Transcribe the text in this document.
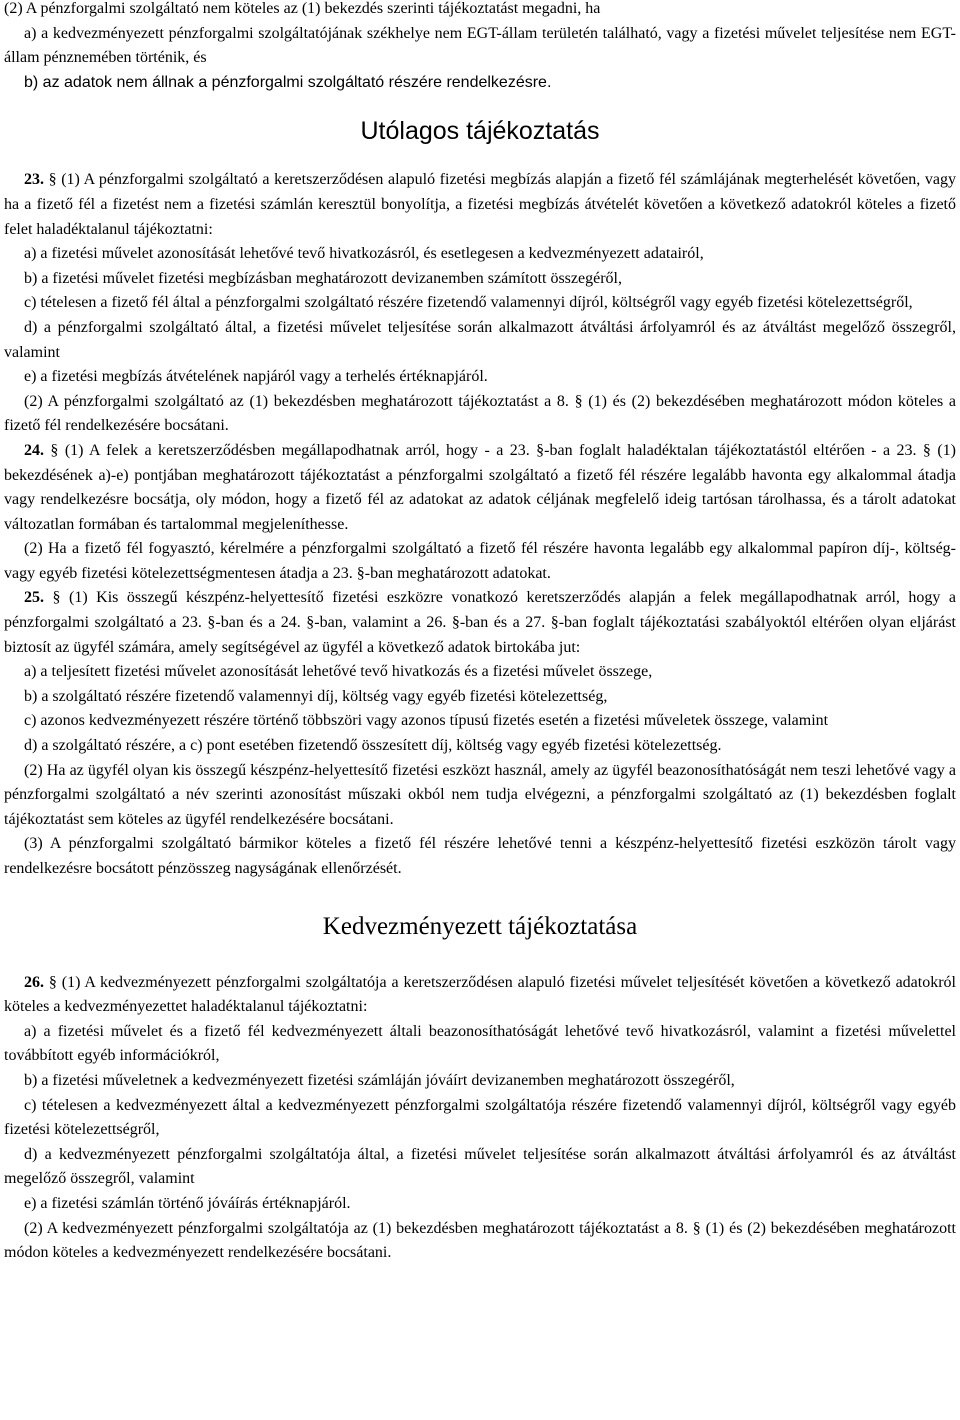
(2) A pénzforgalmi szolgáltató nem köteles az (1) bekezdés szerinti tájékoztatást megadni, ha

a) a kedvezményezett pénzforgalmi szolgáltatójának székhelye nem EGT-állam területén található, vagy a fizetési művelet teljesítése nem EGT-állam pénznemében történik, és

b) az adatok nem állnak a pénzforgalmi szolgáltató részére rendelkezésre.

Utólagos tájékoztatás

23. § (1) A pénzforgalmi szolgáltató a keretszerződésen alapuló fizetési megbízás alapján a fizető fél számlájának megterhelését követően, vagy ha a fizető fél a fizetést nem a fizetési számlán keresztül bonyolítja, a fizetési megbízás átvételét követően a következő adatokról köteles a fizető felet haladéktalanul tájékoztatni:

a) a fizetési művelet azonosítását lehetővé tevő hivatkozásról, és esetlegesen a kedvezményezett adatairól,

b) a fizetési művelet fizetési megbízásban meghatározott devizanemben számított összegéről,

c) tételesen a fizető fél által a pénzforgalmi szolgáltató részére fizetendő valamennyi díjról, költségről vagy egyéb fizetési kötelezettségről,

d) a pénzforgalmi szolgáltató által, a fizetési művelet teljesítése során alkalmazott átváltási árfolyamról és az átváltást megelőző összegről, valamint

e) a fizetési megbízás átvételének napjáról vagy a terhelés értéknapjáról.

(2) A pénzforgalmi szolgáltató az (1) bekezdésben meghatározott tájékoztatást a 8. § (1) és (2) bekezdésében meghatározott módon köteles a fizető fél rendelkezésére bocsátani.

24. § (1) A felek a keretszerződésben megállapodhatnak arról, hogy - a 23. §-ban foglalt haladéktalan tájékoztatástól eltérően - a 23. § (1) bekezdésének a)-e) pontjában meghatározott tájékoztatást a pénzforgalmi szolgáltató a fizető fél részére legalább havonta egy alkalommal átadja vagy rendelkezésre bocsátja, oly módon, hogy a fizető fél az adatokat az adatok céljának megfelelő ideig tartósan tárolhassa, és a tárolt adatokat változatlan formában és tartalommal megjeleníthesse.

(2) Ha a fizető fél fogyasztó, kérelmére a pénzforgalmi szolgáltató a fizető fél részére havonta legalább egy alkalommal papíron díj-, költség- vagy egyéb fizetési kötelezettségmentesen átadja a 23. §-ban meghatározott adatokat.

25. § (1) Kis összegű készpénz-helyettesítő fizetési eszközre vonatkozó keretszerződés alapján a felek megállapodhatnak arról, hogy a pénzforgalmi szolgáltató a 23. §-ban és a 24. §-ban, valamint a 26. §-ban és a 27. §-ban foglalt tájékoztatási szabályoktól eltérően olyan eljárást biztosít az ügyfél számára, amely segítségével az ügyfél a következő adatok birtokába jut:

a) a teljesített fizetési művelet azonosítását lehetővé tevő hivatkozás és a fizetési művelet összege,

b) a szolgáltató részére fizetendő valamennyi díj, költség vagy egyéb fizetési kötelezettség,

c) azonos kedvezményezett részére történő többszöri vagy azonos típusú fizetés esetén a fizetési műveletek összege, valamint

d) a szolgáltató részére, a c) pont esetében fizetendő összesített díj, költség vagy egyéb fizetési kötelezettség.

(2) Ha az ügyfél olyan kis összegű készpénz-helyettesítő fizetési eszközt használ, amely az ügyfél beazonosíthatóságát nem teszi lehetővé vagy a pénzforgalmi szolgáltató a név szerinti azonosítást műszaki okból nem tudja elvégezni, a pénzforgalmi szolgáltató az (1) bekezdésben foglalt tájékoztatást sem köteles az ügyfél rendelkezésére bocsátani.

(3) A pénzforgalmi szolgáltató bármikor köteles a fizető fél részére lehetővé tenni a készpénz-helyettesítő fizetési eszközön tárolt vagy rendelkezésre bocsátott pénzösszeg nagyságának ellenőrzését.

Kedvezményezett tájékoztatása

26. § (1) A kedvezményezett pénzforgalmi szolgáltatója a keretszerződésen alapuló fizetési művelet teljesítését követően a következő adatokról köteles a kedvezményezettet haladéktalanul tájékoztatni:

a) a fizetési művelet és a fizető fél kedvezményezett általi beazonosíthatóságát lehetővé tevő hivatkozásról, valamint a fizetési művelettel továbbított egyéb információkról,

b) a fizetési műveletnek a kedvezményezett fizetési számláján jóváírt devizanemben meghatározott összegéről,

c) tételesen a kedvezményezett által a kedvezményezett pénzforgalmi szolgáltatója részére fizetendő valamennyi díjról, költségről vagy egyéb fizetési kötelezettségről,

d) a kedvezményezett pénzforgalmi szolgáltatója által, a fizetési művelet teljesítése során alkalmazott átváltási árfolyamról és az átváltást megelőző összegről, valamint

e) a fizetési számlán történő jóváírás értéknapjáról.

(2) A kedvezményezett pénzforgalmi szolgáltatója az (1) bekezdésben meghatározott tájékoztatást a 8. § (1) és (2) bekezdésében meghatározott módon köteles a kedvezményezett rendelkezésére bocsátani.
